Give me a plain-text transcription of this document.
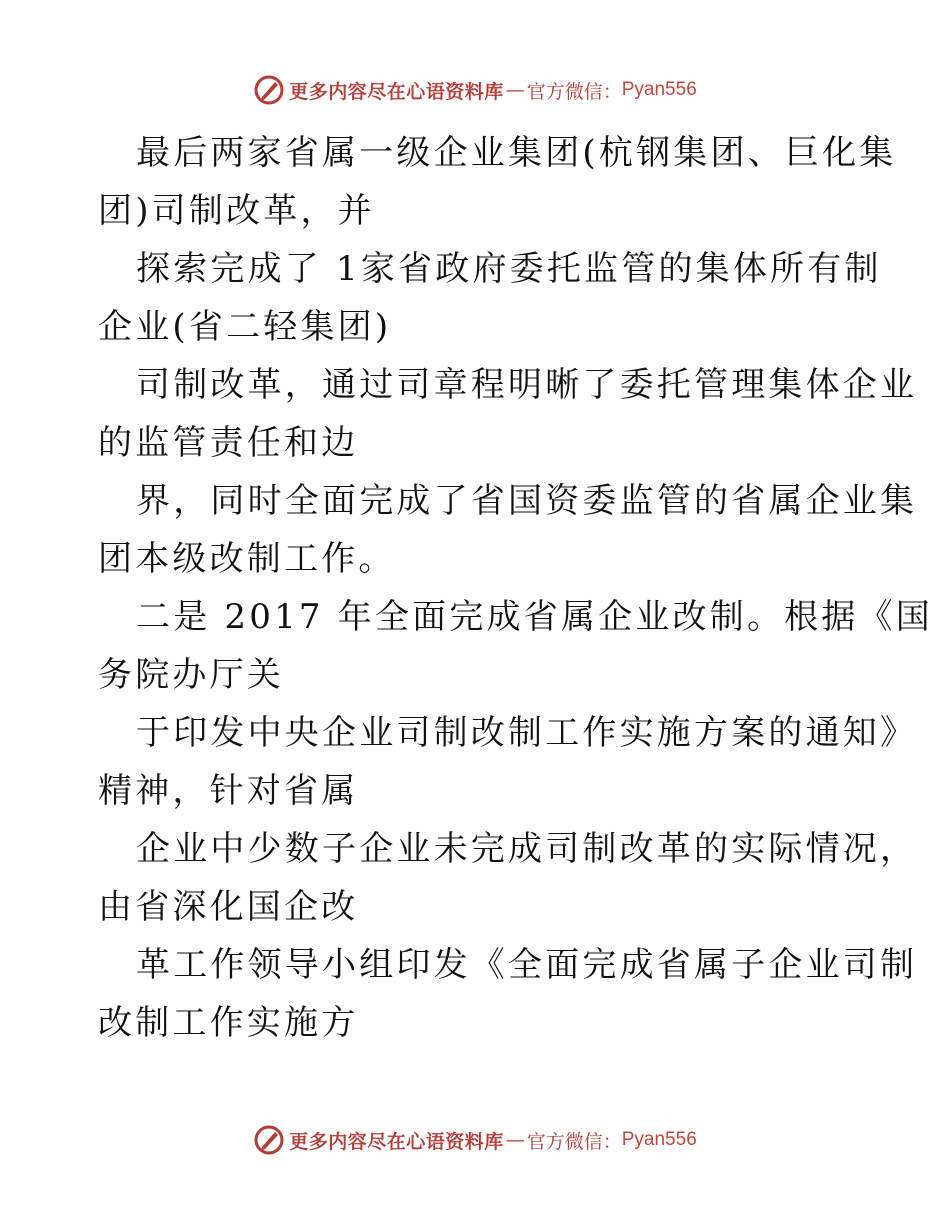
更多内容尽在心语资料库 — 官方微信： Pyan556

最后两家省属一级企业集团(杭钢集团、巨化集
团)司制改革，并

探索完成了 1家省政府委托监管的集体所有制
企业(省二轻集团)

司制改革，通过司章程明晰了委托管理集体企业
的监管责任和边

界，同时全面完成了省国资委监管的省属企业集
团本级改制工作。

二是 2017 年全面完成省属企业改制。根据《国
务院办厅关

于印发中央企业司制改制工作实施方案的通知》
精神，针对省属

企业中少数子企业未完成司制改革的实际情况，
由省深化国企改

革工作领导小组印发《全面完成省属子企业司制
改制工作实施方

更多内容尽在心语资料库 — 官方微信： Pyan556
